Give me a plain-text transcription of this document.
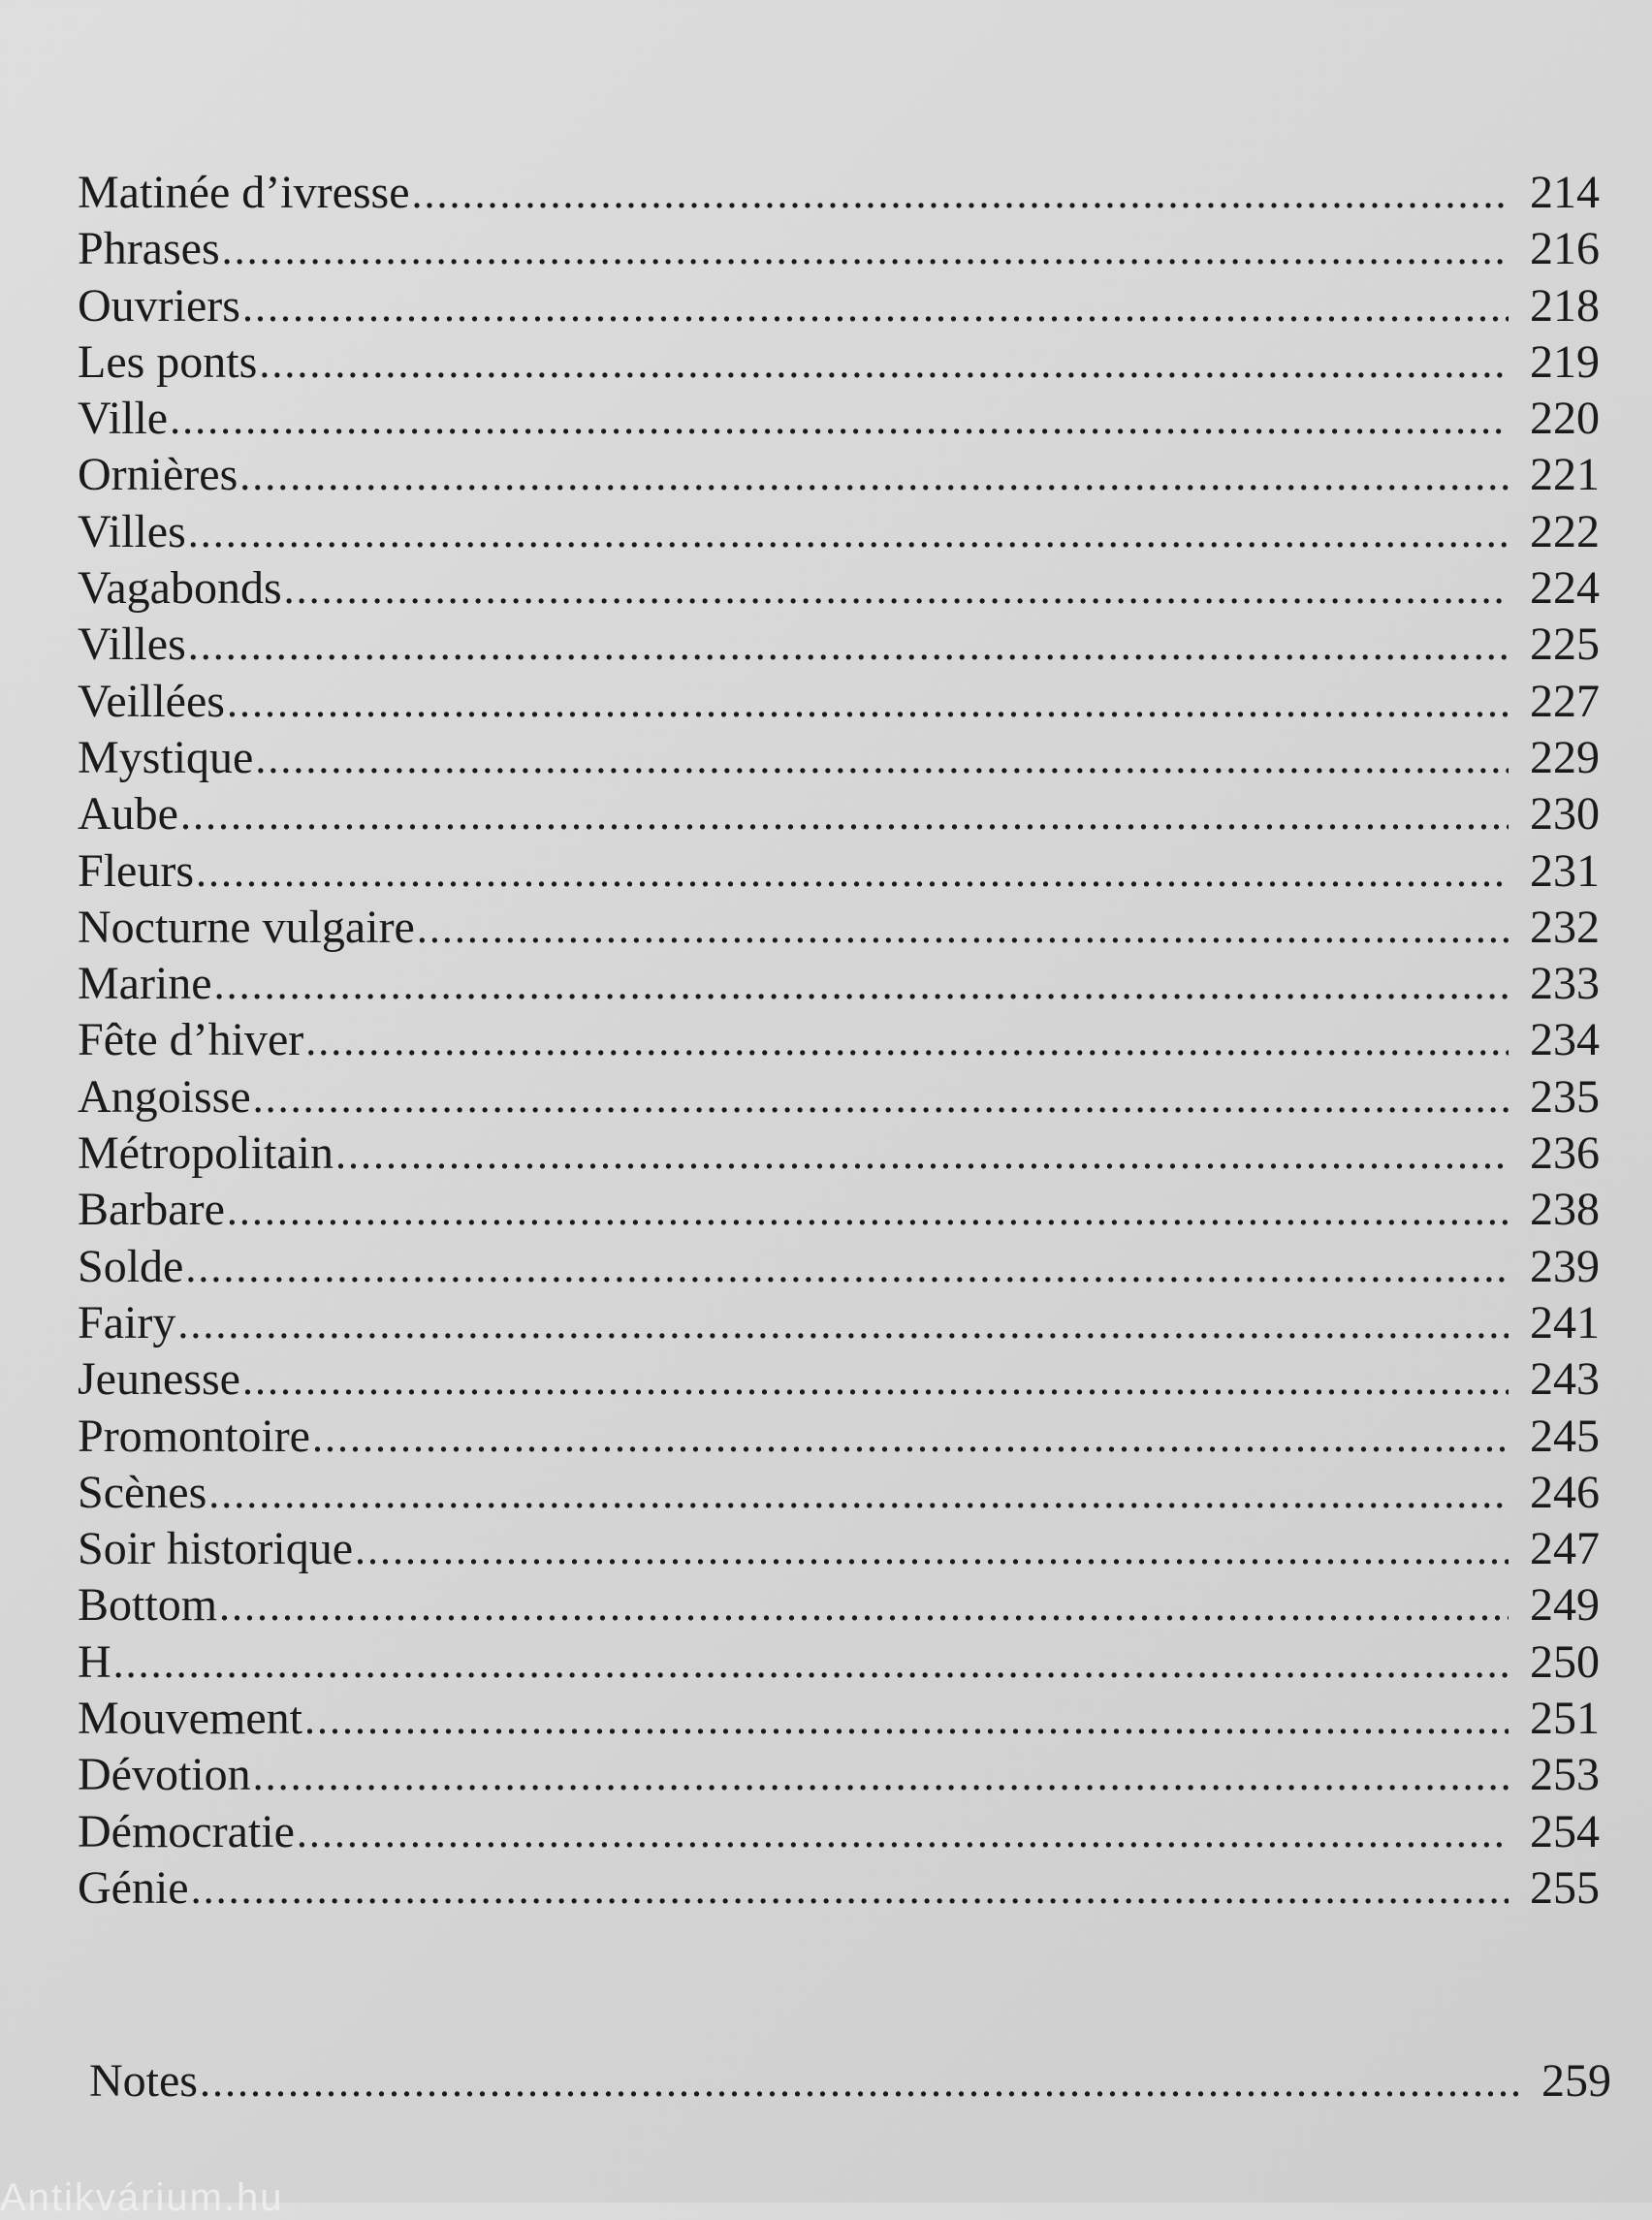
Matinée d’ivresse .....	214
Phrases .....	216
Ouvriers .....	218
Les ponts .....	219
Ville .....	220
Ornières .....	221
Villes .....	222
Vagabonds .....	224
Villes .....	225
Veillées .....	227
Mystique .....	229
Aube .....	230
Fleurs .....	231
Nocturne vulgaire .....	232
Marine .....	233
Fête d’hiver .....	234
Angoisse .....	235
Métropolitain .....	236
Barbare .....	238
Solde .....	239
Fairy .....	241
Jeunesse .....	243
Promontoire .....	245
Scènes .....	246
Soir historique .....	247
Bottom .....	249
H .....	250
Mouvement .....	251
Dévotion .....	253
Démocratie .....	254
Génie .....	255
Notes .....	259
Antikvárium.hu
